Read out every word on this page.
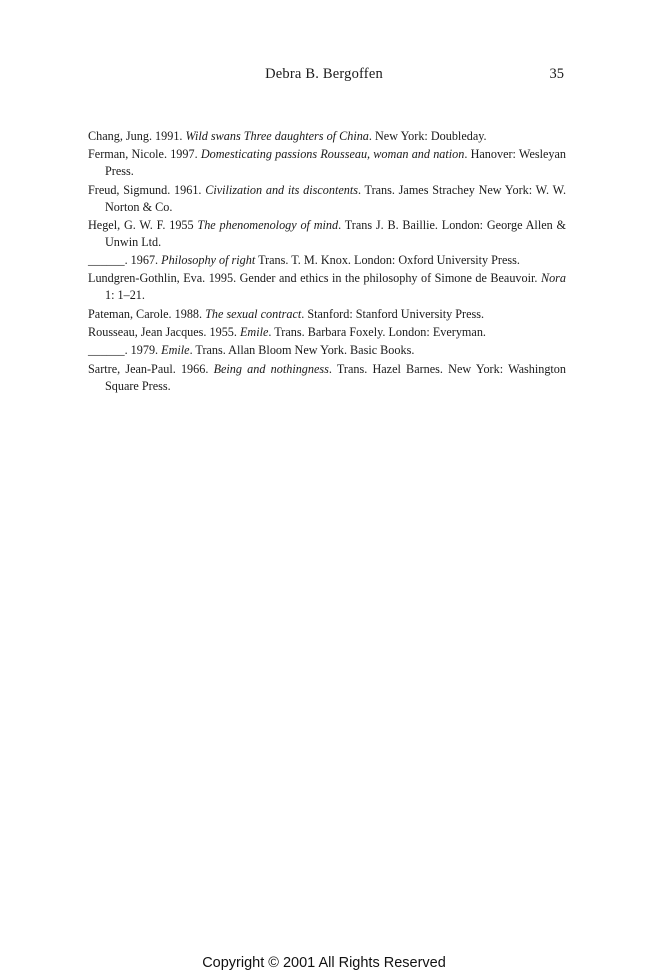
Debra B. Bergoffen	35
Chang, Jung. 1991. Wild swans Three daughters of China. New York: Doubleday.
Ferman, Nicole. 1997. Domesticating passions Rousseau, woman and nation. Hanover: Wesleyan Press.
Freud, Sigmund. 1961. Civilization and its discontents. Trans. James Strachey New York: W. W. Norton & Co.
Hegel, G. W. F. 1955 The phenomenology of mind. Trans J. B. Baillie. London: George Allen & Unwin Ltd.
______. 1967. Philosophy of right Trans. T. M. Knox. London: Oxford University Press.
Lundgren-Gothlin, Eva. 1995. Gender and ethics in the philosophy of Simone de Beauvoir. Nora 1: 1–21.
Pateman, Carole. 1988. The sexual contract. Stanford: Stanford University Press.
Rousseau, Jean Jacques. 1955. Emile. Trans. Barbara Foxely. London: Everyman.
______. 1979. Emile. Trans. Allan Bloom New York. Basic Books.
Sartre, Jean-Paul. 1966. Being and nothingness. Trans. Hazel Barnes. New York: Washington Square Press.
Copyright © 2001 All Rights Reserved
